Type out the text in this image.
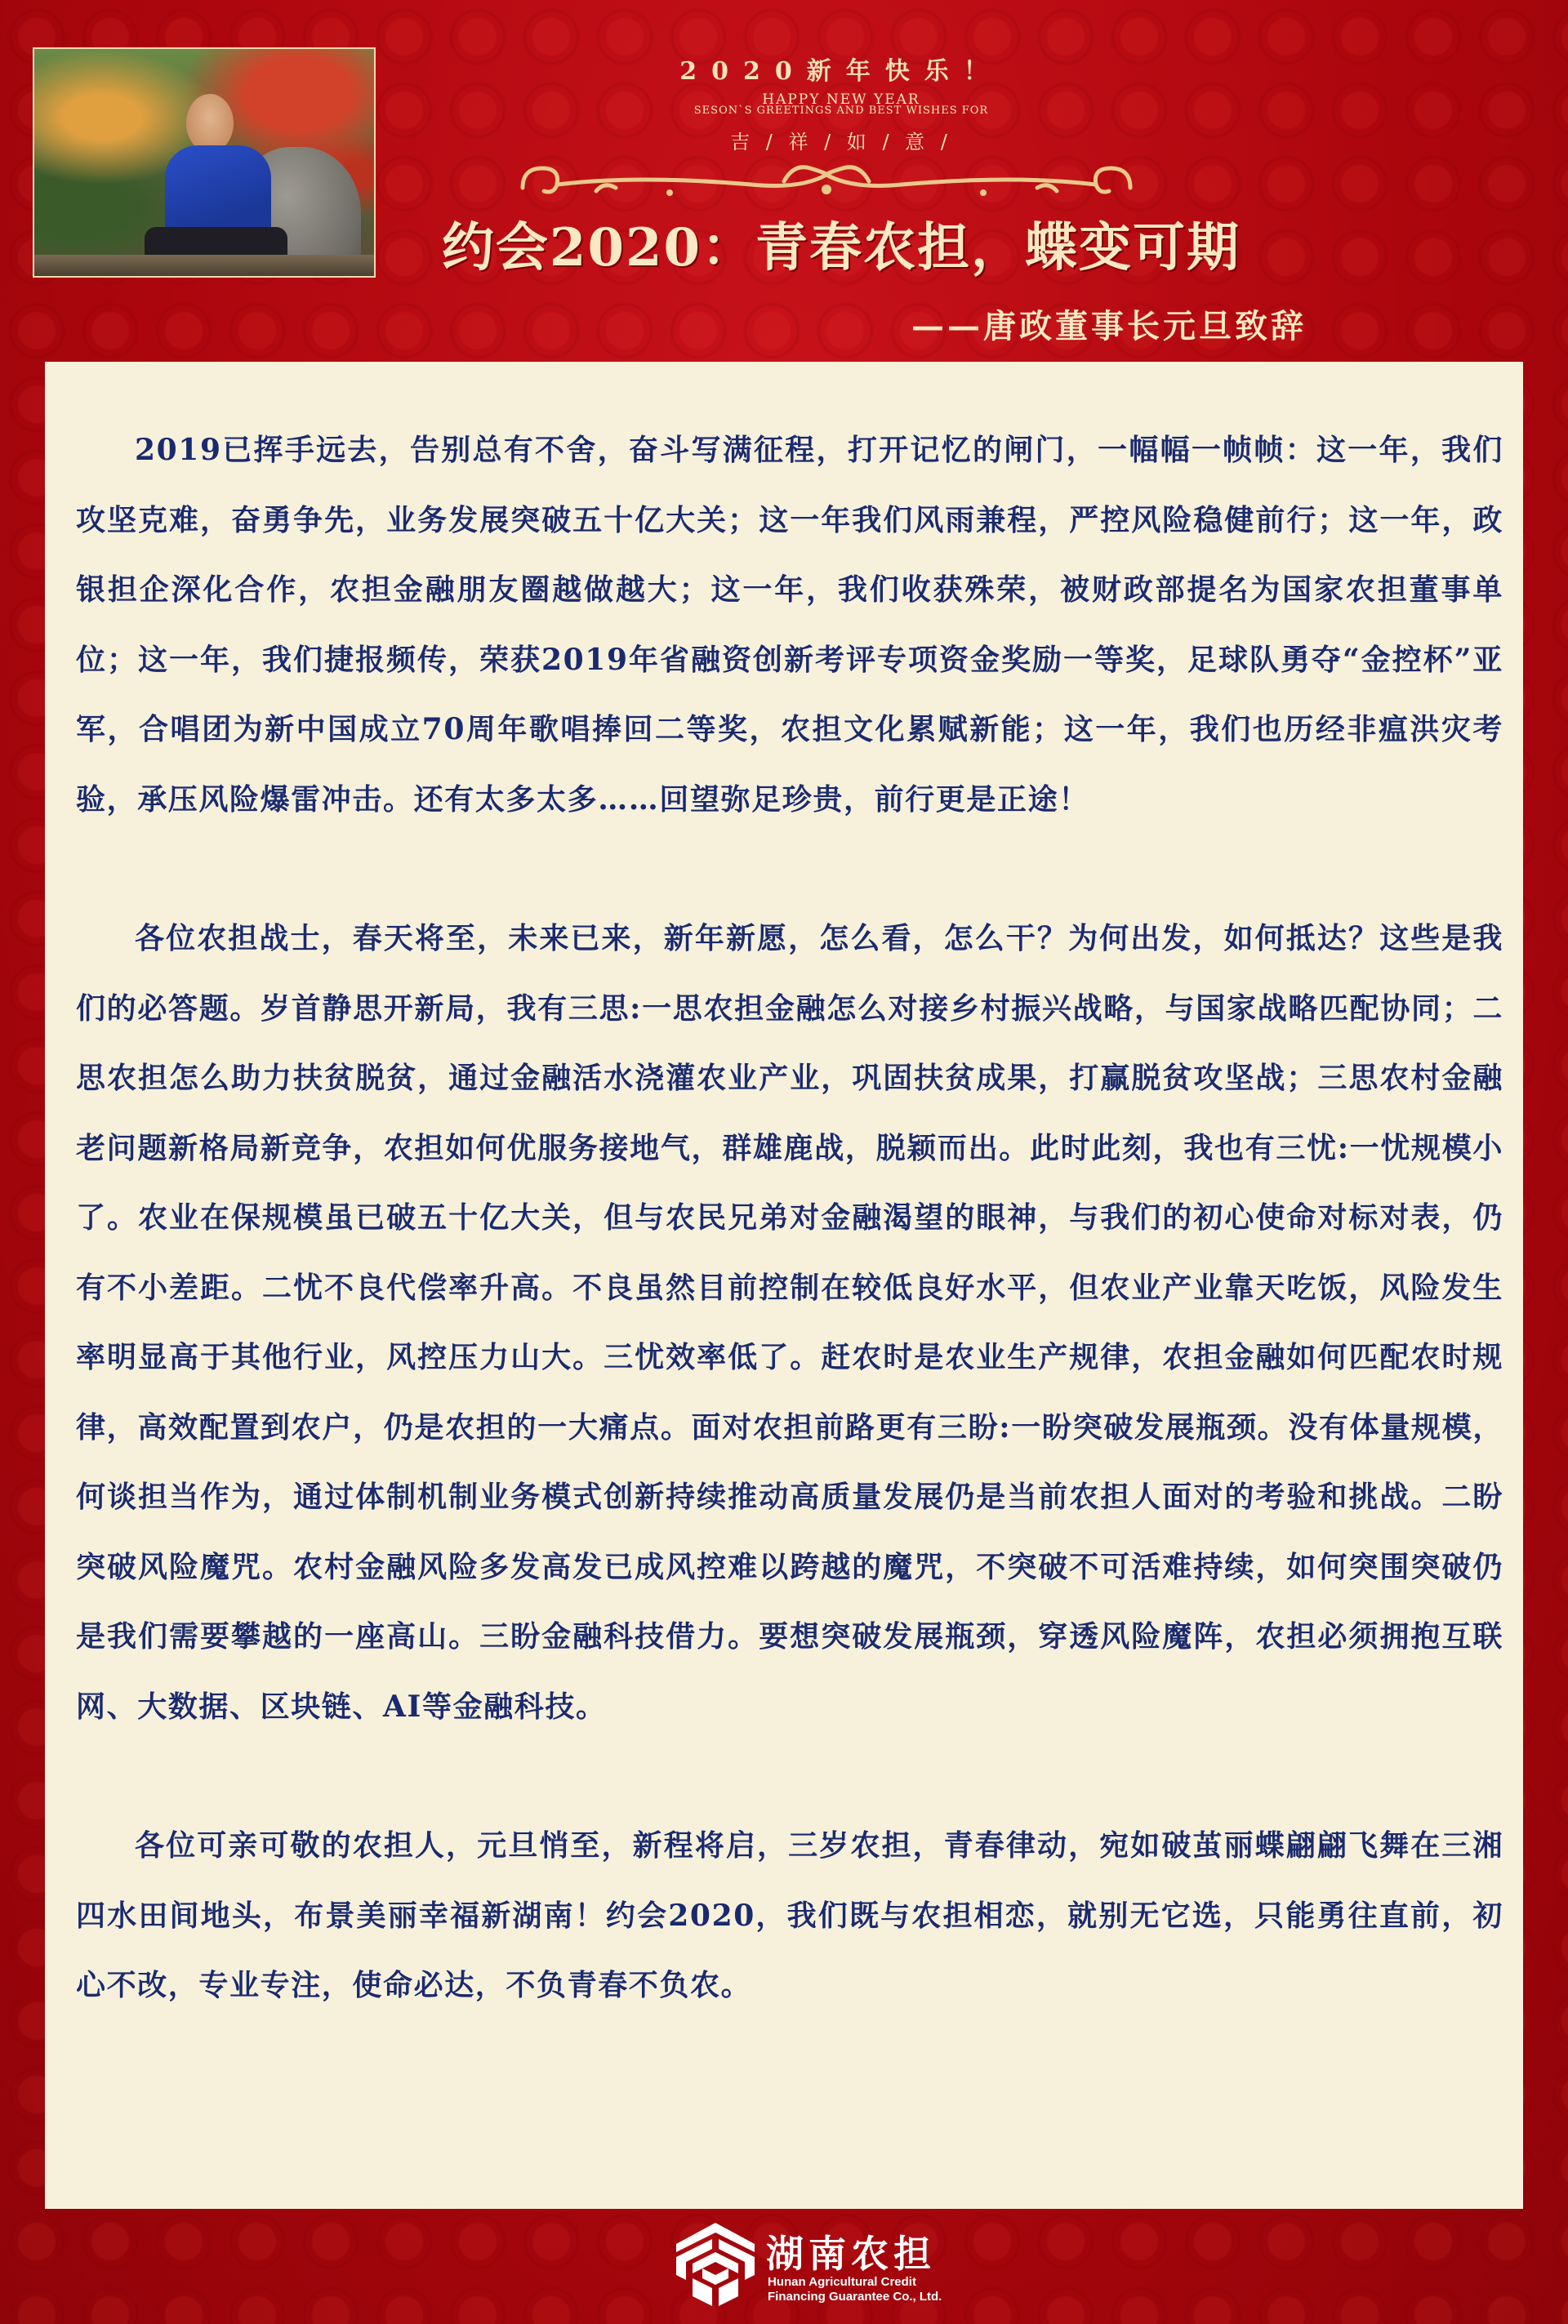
2020新年快乐！
HAPPY NEW YEAR
SESON`S GREETINGS AND BEST WISHES FOR
吉 / 祥 / 如 / 意 /
约会2020：青春农担，蝶变可期
——唐政董事长元旦致辞

2019已挥手远去，告别总有不舍，奋斗写满征程，打开记忆的闸门，一幅幅一帧帧：这一年，我们攻坚克难，奋勇争先，业务发展突破五十亿大关；这一年我们风雨兼程，严控风险稳健前行；这一年，政银担企深化合作，农担金融朋友圈越做越大；这一年，我们收获殊荣，被财政部提名为国家农担董事单位；这一年，我们捷报频传，荣获2019年省融资创新考评专项资金奖励一等奖，足球队勇夺“金控杯”亚军，合唱团为新中国成立70周年歌唱捧回二等奖，农担文化累赋新能；这一年，我们也历经非瘟洪灾考验，承压风险爆雷冲击。还有太多太多……回望弥足珍贵，前行更是正途！

各位农担战士，春天将至，未来已来，新年新愿，怎么看，怎么干？为何出发，如何抵达？这些是我们的必答题。岁首静思开新局，我有三思:一思农担金融怎么对接乡村振兴战略，与国家战略匹配协同；二思农担怎么助力扶贫脱贫，通过金融活水浇灌农业产业，巩固扶贫成果，打赢脱贫攻坚战；三思农村金融老问题新格局新竞争，农担如何优服务接地气，群雄鹿战，脱颖而出。此时此刻，我也有三忧:一忧规模小了。农业在保规模虽已破五十亿大关，但与农民兄弟对金融渴望的眼神，与我们的初心使命对标对表，仍有不小差距。二忧不良代偿率升高。不良虽然目前控制在较低良好水平，但农业产业靠天吃饭，风险发生率明显高于其他行业，风控压力山大。三忧效率低了。赶农时是农业生产规律，农担金融如何匹配农时规律，高效配置到农户，仍是农担的一大痛点。面对农担前路更有三盼:一盼突破发展瓶颈。没有体量规模，何谈担当作为，通过体制机制业务模式创新持续推动高质量发展仍是当前农担人面对的考验和挑战。二盼突破风险魔咒。农村金融风险多发高发已成风控难以跨越的魔咒，不突破不可活难持续，如何突围突破仍是我们需要攀越的一座高山。三盼金融科技借力。要想突破发展瓶颈，穿透风险魔阵，农担必须拥抱互联网、大数据、区块链、AI等金融科技。

各位可亲可敬的农担人，元旦悄至，新程将启，三岁农担，青春律动，宛如破茧丽蝶翩翩飞舞在三湘四水田间地头，布景美丽幸福新湖南！约会2020，我们既与农担相恋，就别无它选，只能勇往直前，初心不改，专业专注，使命必达，不负青春不负农。

湖南农担
Hunan Agricultural Credit
Financing Guarantee Co., Ltd.
